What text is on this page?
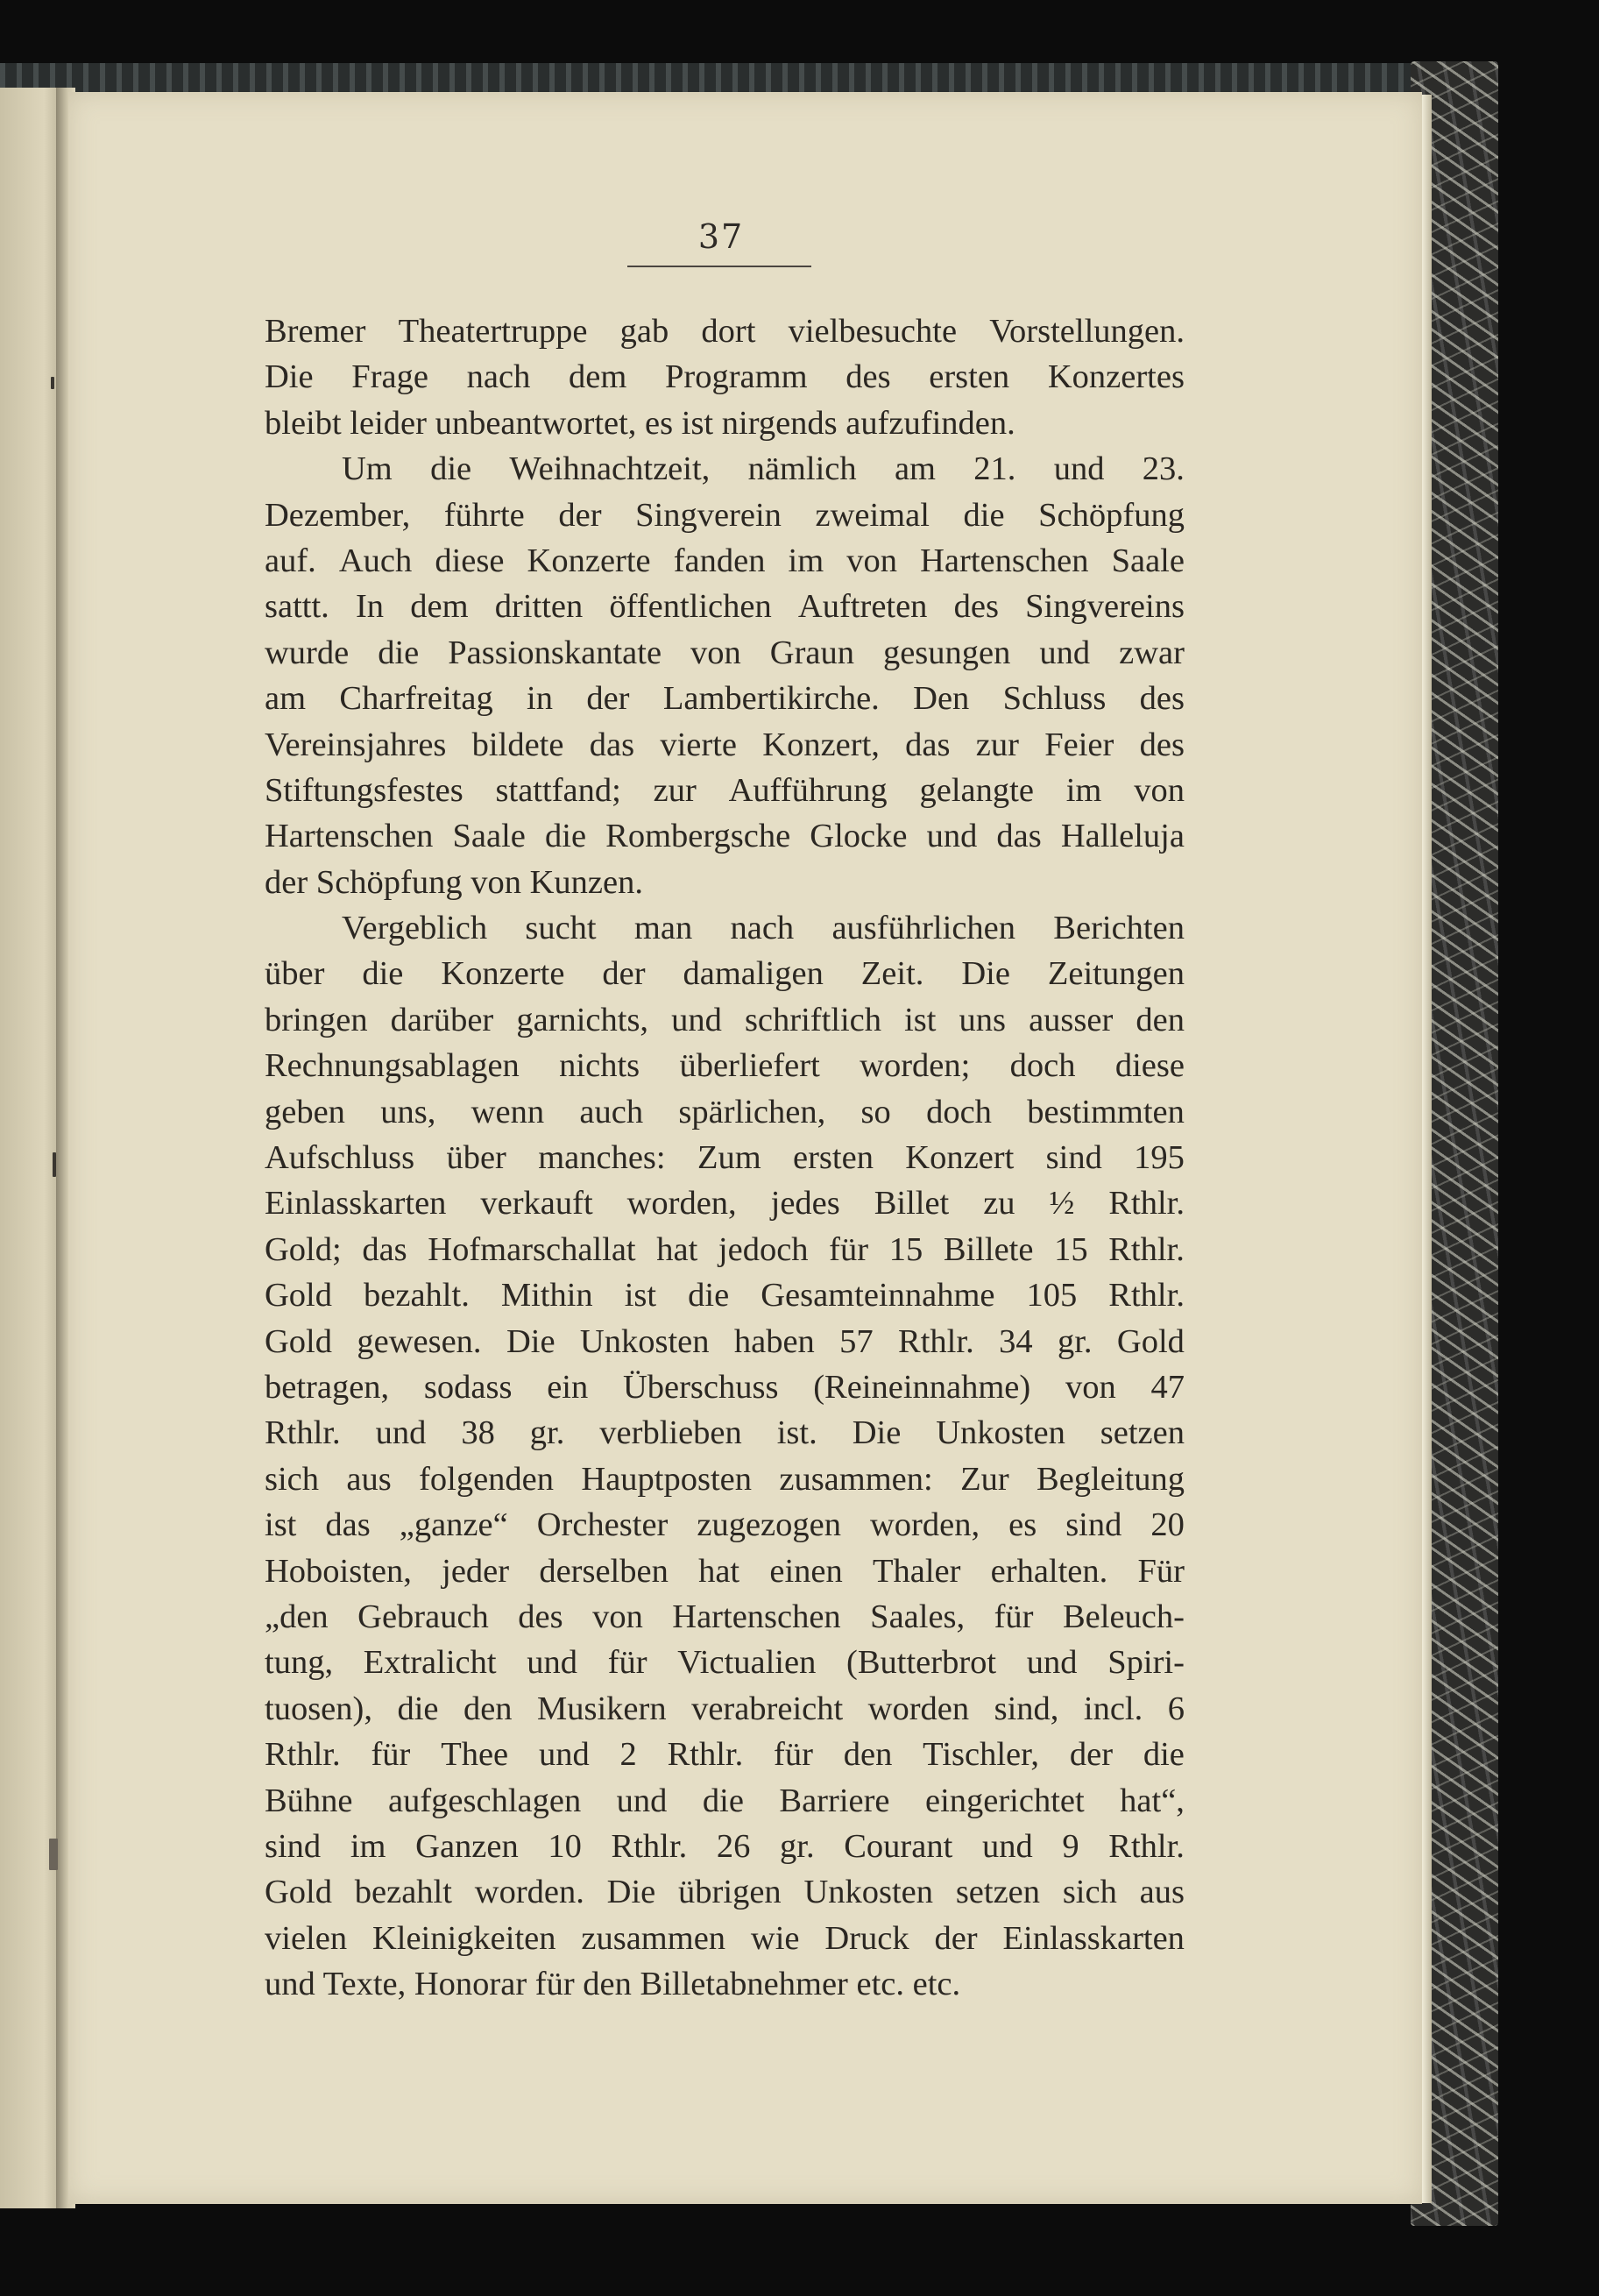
37
Bremer Theatertruppe gab dort vielbesuchte Vorstellungen.
Die Frage nach dem Programm des ersten Konzertes
bleibt leider unbeantwortet, es ist nirgends aufzufinden.
Um die Weihnachtzeit, nämlich am 21. und 23.
Dezember, führte der Singverein zweimal die Schöpfung
auf. Auch diese Konzerte fanden im von Hartenschen Saale
sattt. In dem dritten öffentlichen Auftreten des Singvereins
wurde die Passionskantate von Graun gesungen und zwar
am Charfreitag in der Lambertikirche. Den Schluss des
Vereinsjahres bildete das vierte Konzert, das zur Feier des
Stiftungsfestes stattfand; zur Aufführung gelangte im von
Hartenschen Saale die Rombergsche Glocke und das Halleluja
der Schöpfung von Kunzen.
Vergeblich sucht man nach ausführlichen Berichten
über die Konzerte der damaligen Zeit. Die Zeitungen
bringen darüber garnichts, und schriftlich ist uns ausser den
Rechnungsablagen nichts überliefert worden; doch diese
geben uns, wenn auch spärlichen, so doch bestimmten
Aufschluss über manches: Zum ersten Konzert sind 195
Einlasskarten verkauft worden, jedes Billet zu ½ Rthlr.
Gold; das Hofmarschallat hat jedoch für 15 Billete 15 Rthlr.
Gold bezahlt. Mithin ist die Gesamteinnahme 105 Rthlr.
Gold gewesen. Die Unkosten haben 57 Rthlr. 34 gr. Gold
betragen, sodass ein Überschuss (Reineinnahme) von 47
Rthlr. und 38 gr. verblieben ist. Die Unkosten setzen
sich aus folgenden Hauptposten zusammen: Zur Begleitung
ist das „ganze“ Orchester zugezogen worden, es sind 20
Hoboisten, jeder derselben hat einen Thaler erhalten. Für
„den Gebrauch des von Hartenschen Saales, für Beleuch-
tung, Extralicht und für Victualien (Butterbrot und Spiri-
tuosen), die den Musikern verabreicht worden sind, incl. 6
Rthlr. für Thee und 2 Rthlr. für den Tischler, der die
Bühne aufgeschlagen und die Barriere eingerichtet hat“,
sind im Ganzen 10 Rthlr. 26 gr. Courant und 9 Rthlr.
Gold bezahlt worden. Die übrigen Unkosten setzen sich aus
vielen Kleinigkeiten zusammen wie Druck der Einlasskarten
und Texte, Honorar für den Billetabnehmer etc. etc.
